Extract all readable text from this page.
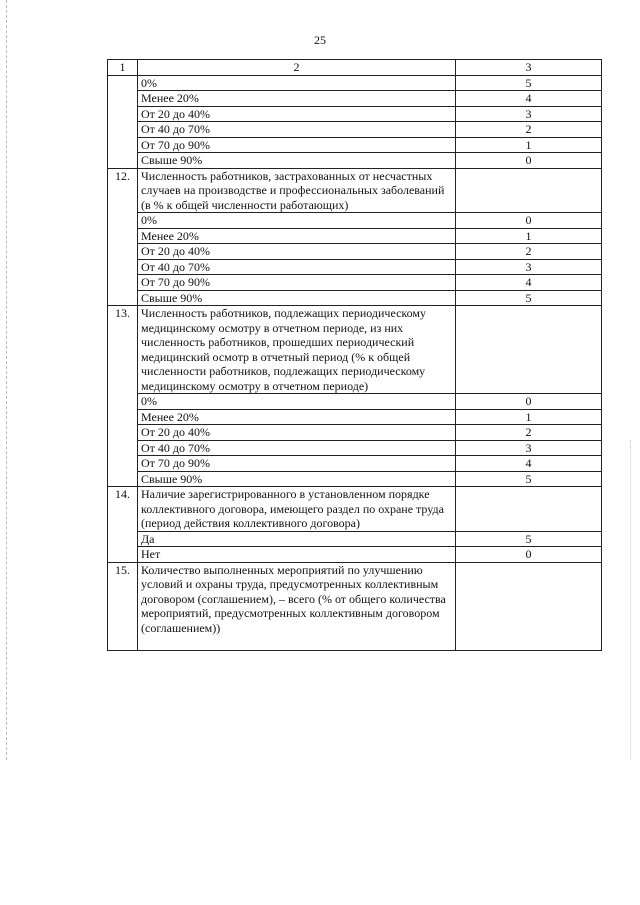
25
1	2	3
	0%	5
	Менее 20%	4
	От 20 до 40%	3
	От 40 до 70%	2
	От 70 до 90%	1
	Свыше 90%	0
12.	Численность работников, застрахованных от несчастных случаев на производстве и профессиональных заболеваний (в % к общей численности работающих)	
	0%	0
	Менее 20%	1
	От 20 до 40%	2
	От 40 до 70%	3
	От 70 до 90%	4
	Свыше 90%	5
13.	Численность работников, подлежащих периодическому медицинскому осмотру в отчетном периоде, из них численность работников, прошедших периодический медицинский осмотр в отчетный период (% к общей численности работников, подлежащих периодическому медицинскому осмотру в отчетном периоде)	
	0%	0
	Менее 20%	1
	От 20 до 40%	2
	От 40 до 70%	3
	От 70 до 90%	4
	Свыше 90%	5
14.	Наличие зарегистрированного в установленном порядке коллективного договора, имеющего раздел по охране труда (период действия коллективного договора)	
	Да	5
	Нет	0
15.	Количество выполненных мероприятий по улучшению условий и охраны труда, предусмотренных коллективным договором (соглашением), – всего (% от общего количества мероприятий, предусмотренных коллективным договором (соглашением))	
